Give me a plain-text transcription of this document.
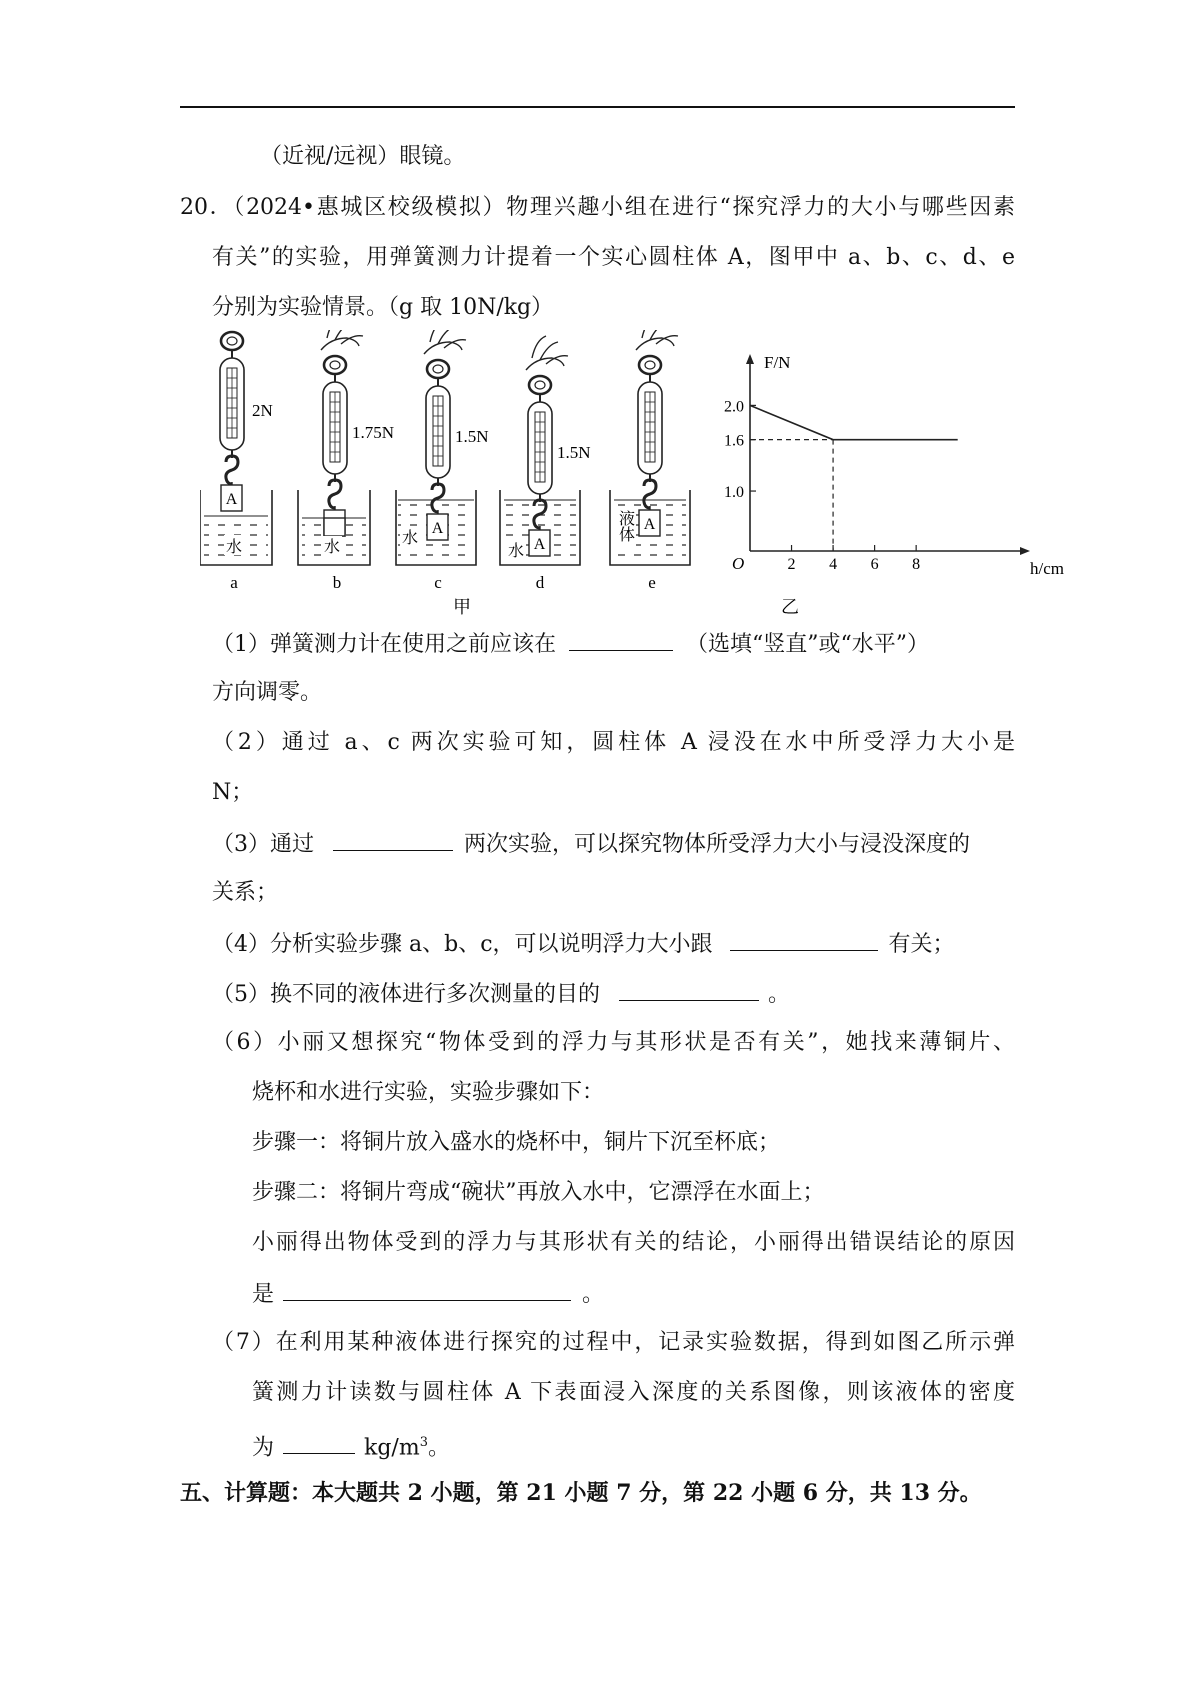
（近视/远视）眼镜。
20．（2024•惠城区校级模拟）物理兴趣小组在进行“探究浮力的大小与哪些因素
有关”的实验，用弹簧测力计提着一个实心圆柱体 A，图甲中 a、b、c、d、e
分别为实验情景。（g 取 10N/kg）
2N
A
水
a
1.75N
水
b
1.5N
A
水
c
1.5N
A
水
d
A
液体
e
甲
F/N
h/cm
O	2 4 6 8
1.0
1.6
2.0
乙
（1）弹簧测力计在使用之前应该在	（选填“竖直”或“水平”）
方向调零。
（2）通过 a、c 两次实验可知，圆柱体 A 浸没在水中所受浮力大小是
N；
（3）通过	两次实验，可以探究物体所受浮力大小与浸没深度的
关系；
（4）分析实验步骤 a、b、c，可以说明浮力大小跟	有关；
（5）换不同的液体进行多次测量的目的	。
（6）小丽又想探究“物体受到的浮力与其形状是否有关”，她找来薄铜片、
烧杯和水进行实验，实验步骤如下：
步骤一：将铜片放入盛水的烧杯中，铜片下沉至杯底；
步骤二：将铜片弯成“碗状”再放入水中，它漂浮在水面上；
小丽得出物体受到的浮力与其形状有关的结论，小丽得出错误结论的原因
是	。
（7）在利用某种液体进行探究的过程中，记录实验数据，得到如图乙所示弹
簧测力计读数与圆柱体 A 下表面浸入深度的关系图像，则该液体的密度
为	$kg/m^3$。
五、计算题：本大题共 2 小题，第 21 小题 7 分，第 22 小题 6 分，共 13 分。
